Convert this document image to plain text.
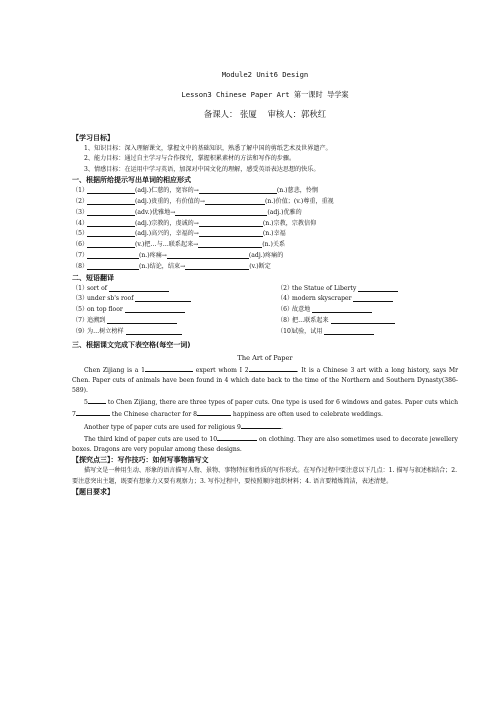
Module2 Unit6 Design
Lesson3 Chinese Paper Art 第一课时 导学案
备课人： 张厦 审核人：郭秋红
【学习目标】
1、知识目标：深入理解课文，掌握文中的基础知识，熟悉了解中国的剪纸艺术及世界遗产。
2、能力目标：通过自主学习与合作探究，掌握积累素材的方法和写作的步骤。
3、情感目标：在运用中学习英语，加深对中国文化的理解，感受英语表达思想的快乐。
一、根据所给提示写出单词的相应形式
（1）	(adj.)仁慈的，宽容的→	(n.)慈悲，怜悯
（2）	(adj.)贵重的，有价值的→	(n.)价值；(v.)尊重，重视
（3）	(adv.)优雅地→	(adj.)优雅的
（4）	(adj.)宗教的，虔诚的→	(n.)宗教，宗教信仰
（5）	(adj.)高兴的，幸福的→	(n.)幸福
（6）	(v.)把…与…联系起来→	(n.)关系
（7）	(n.)疼痛→	(adj.)疼痛的
（8）	(n.)结论，结束→	(v.)断定
二、短语翻译
（1）
sort of
	（2）
the Statue of Liberty

（3）
under sb's roof
	（4）
modern skyscraper

（5）
on top floor
	（6）
故意地

（7）
追溯到
	（8）
把…联系起来

（9）
为…树立榜样
	（10）
试验，试用

三、根据课文完成下表空格(每空一词)
The Art of Paper
Chen Zijiang is a 1	expert whom I 2	. It is a Chinese 3 art with a long history, says Mr Chen. Paper cuts of animals have been found in 4 which date back to the time of the Northern and Southern Dynasty(386-589).
5	to Chen Zijiang, there are three types of paper cuts. One type is used for 6 windows and gates. Paper cuts which 7	the Chinese character for 8	happiness are often used to celebrate weddings.
Another type of paper cuts are used for religious 9	.
The third kind of paper cuts are used to 10	on clothing. They are also sometimes used to decorate jewellery boxes. Dragons are very popular among these designs.
【探究点三】：写作技巧：如何写事物描写文
描写文是一种用生动、形象的语言描写人物、景物、事物特征和性质的写作形式。在写作过程中要注意以下几点：1. 描写与叙述相结合；2. 要注意突出主题，既要有想象力又要有观察力；3. 写作过程中，要按照顺序组织材料；4. 语言要精炼简洁，表述清楚。
【题目要求】
